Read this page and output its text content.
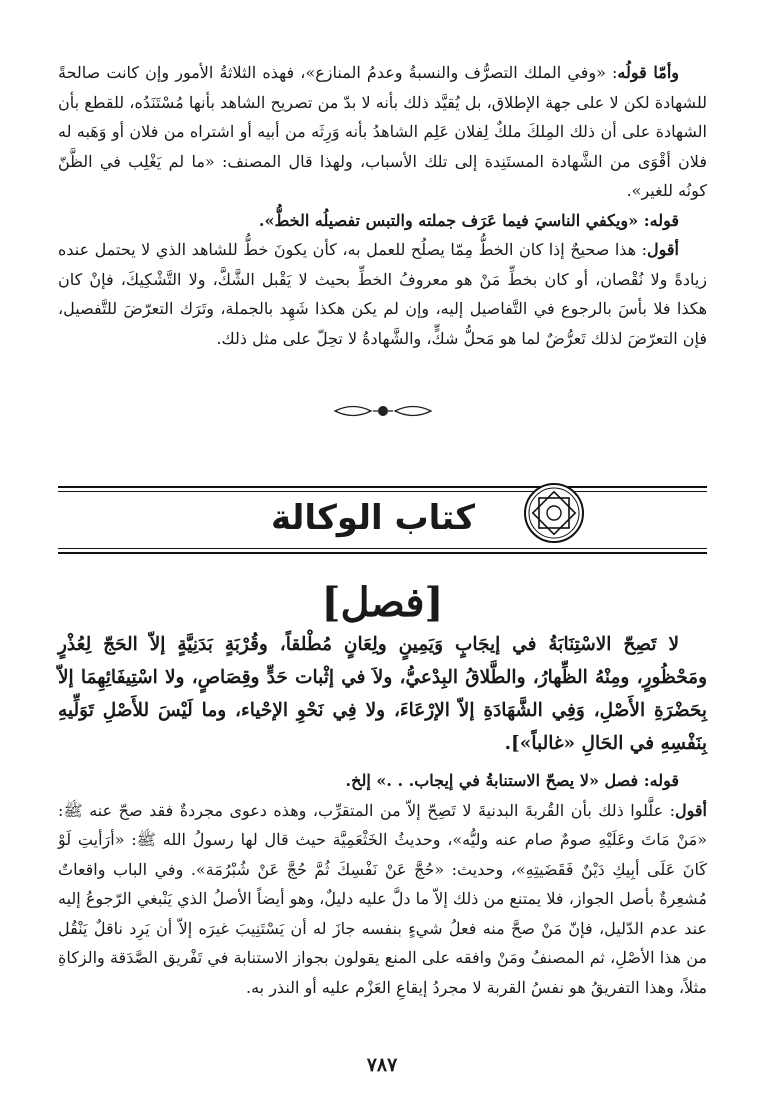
وأمّا قولُه: «وفي الملك التصرُّف والنسبةُ وعدمُ المنازع»، فهذه الثلاثةُ الأمور وإن كانت صالحةً للشهادة لكن لا على جهة الإطلاق، بل يُقيَّد ذلك بأنه لا بدّ من تصريح الشاهد بأنها مُسْتَنَدُه، للقطع بأن الشهادة على أن ذلك المِلكَ ملكٌ لِفلان عَلِم الشاهدُ بأنه وَرِثَه من أبيه أو اشتراه من فلان أو وَهَبه له فلان أقْوَى من الشَّهادة المستَنِدة إلى تلك الأسباب، ولهذا قال المصنف: «ما لم يَغْلِب في الظَّنّ كونُه للغير».

قوله: «ويكفي الناسيَ فيما عَرَف جملته والتبس تفصيلُه الخطُّ».

أقول: هذا صحيحٌ إذا كان الخطُّ مِمّا يصلُح للعمل به، كأن يكونَ خطُّ للشاهد الذي لا يحتمل عنده زيادةً ولا نُقْصان، أو كان بخطِّ مَنْ هو معروفُ الخطِّ بحيث لا يَقْبل الشَّكَّ، ولا التَّشْكِيكَ، فإنْ كان هكذا فلا بأسَ بالرجوع في التَّفاصيل إليه، وإن لم يكن هكذا شَهِد بالجملة، وتَرَك التعرّضَ للتَّفصيل، فإن التعرّضَ لذلك تَعرُّضٌ لما هو مَحلُّ شكٍّ، والشَّهادةُ لا تحِلّ على مثل ذلك.

كتاب الوكالة
[فصل]

لا تَصِحّ الاسْتِنَابَةُ في إيجَابٍ وَيَمِينٍ ولِعَانٍ مُطْلقاً، وقُرْبَةٍ بَدَنِيَّةٍ إلاّ الحَجّ لِعُذْرٍ ومَحْظُورٍ، ومِنْهُ الظِّهارُ، والطَّلاقُ البِدْعيُّ، ولاَ في إثْبات حَدٍّ وقِصَاصٍ، ولا اسْتِيفَائِهِمَا إلاّ بِحَضْرَةِ الأَصْلِ، وَفِي الشَّهَادَةِ إلاّ الإرْعَاءَ، ولا فِي نَحْوِ الإحْياء، وما لَيْسَ للأَصْلِ تَوَلِّيهِ بِنَفْسِهِ في الحَالِ «غالباً»].

قوله: فصل «لا يصحّ الاستنابةُ في إيجاب. . .» إلخ.

أقول: علَّلوا ذلك بأن القُربةَ البدنيةَ لا تَصِحّ إلاّ من المتقرِّب، وهذه دعوى مجردةٌ فقد صحّ عنه ﷺ: «مَنْ مَاتَ وعَلَيْهِ صومٌ صام عنه وليُّه»، وحديثُ الخَثْعَمِيَّة حيث قال لها رسولُ الله ﷺ: «أرَأيتِ لَوْ كَانَ عَلَى أبِيكِ دَيْنٌ فَقَضَيتِهِ»، وحديث: «حُجَّ عَنْ نَفْسِكَ ثُمَّ حُجَّ عَنْ شُبْرُمَة». وفي الباب واقعاتٌ مُشعِرةٌ بأصل الجواز، فلا يمتنع من ذلك إلاّ ما دلَّ عليه دليلٌ، وهو أيضاً الأصلُ الذي يَنْبغي الرّجوعُ إليه عند عدم الدّليل، فإنّ مَنْ صحَّ منه فعلُ شيءٍ بنفسه جازَ له أن يَسْتَنِيبَ غيرَه إلاّ أن يَرِد ناقلٌ يَنْقُل من هذا الأصْلِ، ثم المصنفُ ومَنْ وافقه على المنع يقولون بجواز الاستنابة في تَفْريق الصَّدَقة والزكاةِ مثلاً، وهذا التفريقُ هو نفسُ القربة لا مجردُ إيقاعِ العَزْم عليه أو النذر به.

٧٨٧
